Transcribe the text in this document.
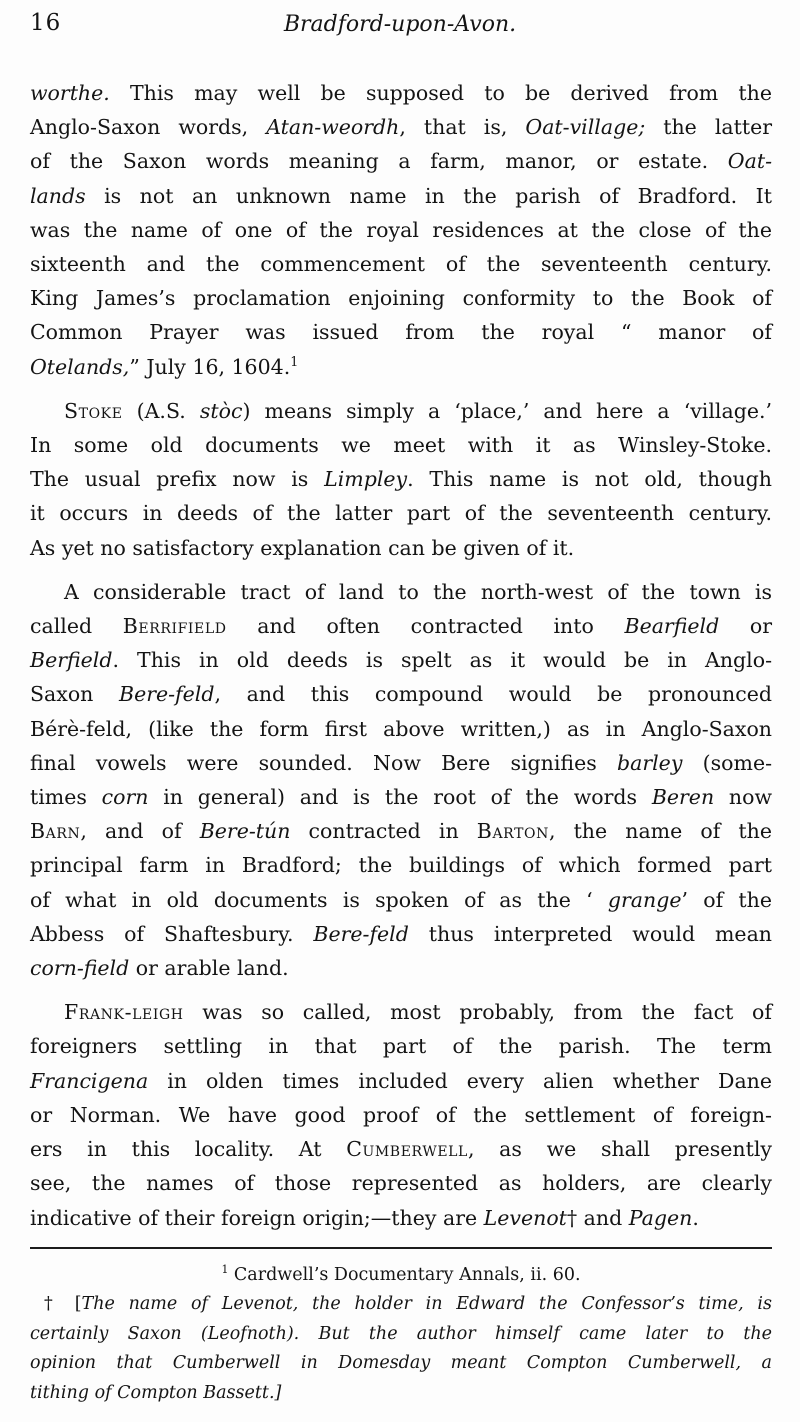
16	Bradford-upon-Avon.
worthe. This may well be supposed to be derived from the
Anglo-Saxon words, Atan-weordh, that is, Oat-village; the latter
of the Saxon words meaning a farm, manor, or estate. Oat-
lands is not an unknown name in the parish of Bradford. It
was the name of one of the royal residences at the close of the
sixteenth and the commencement of the seventeenth century.
King James’s proclamation enjoining conformity to the Book of
Common Prayer was issued from the royal “ manor of
Otelands,” July 16, 1604.$^1$
Stoke (A.S. stòc) means simply a ‘place,’ and here a ‘village.’
In some old documents we meet with it as Winsley-Stoke.
The usual prefix now is Limpley. This name is not old, though
it occurs in deeds of the latter part of the seventeenth century.
As yet no satisfactory explanation can be given of it.
A considerable tract of land to the north-west of the town is
called Berrifield and often contracted into Bearfield or
Berfield. This in old deeds is spelt as it would be in Anglo-
Saxon Bere-feld, and this compound would be pronounced
Bérè-feld, (like the form first above written,) as in Anglo-Saxon
final vowels were sounded. Now Bere signifies barley (some-
times corn in general) and is the root of the words Beren now
Barn, and of Bere-tún contracted in Barton, the name of the
principal farm in Bradford; the buildings of which formed part
of what in old documents is spoken of as the ‘ grange’ of the
Abbess of Shaftesbury. Bere-feld thus interpreted would mean
corn-field or arable land.
Frank-leigh was so called, most probably, from the fact of
foreigners settling in that part of the parish. The term
Francigena in olden times included every alien whether Dane
or Norman. We have good proof of the settlement of foreign-
ers in this locality. At Cumberwell, as we shall presently
see, the names of those represented as holders, are clearly
indicative of their foreign origin;—they are Levenot† and Pagen.
$^1$ Cardwell’s Documentary Annals, ii. 60.
† [The name of Levenot, the holder in Edward the Confessor’s time, is
certainly Saxon (Leofnoth). But the author himself came later to the
opinion that Cumberwell in Domesday meant Compton Cumberwell, a
tithing of Compton Bassett.]
